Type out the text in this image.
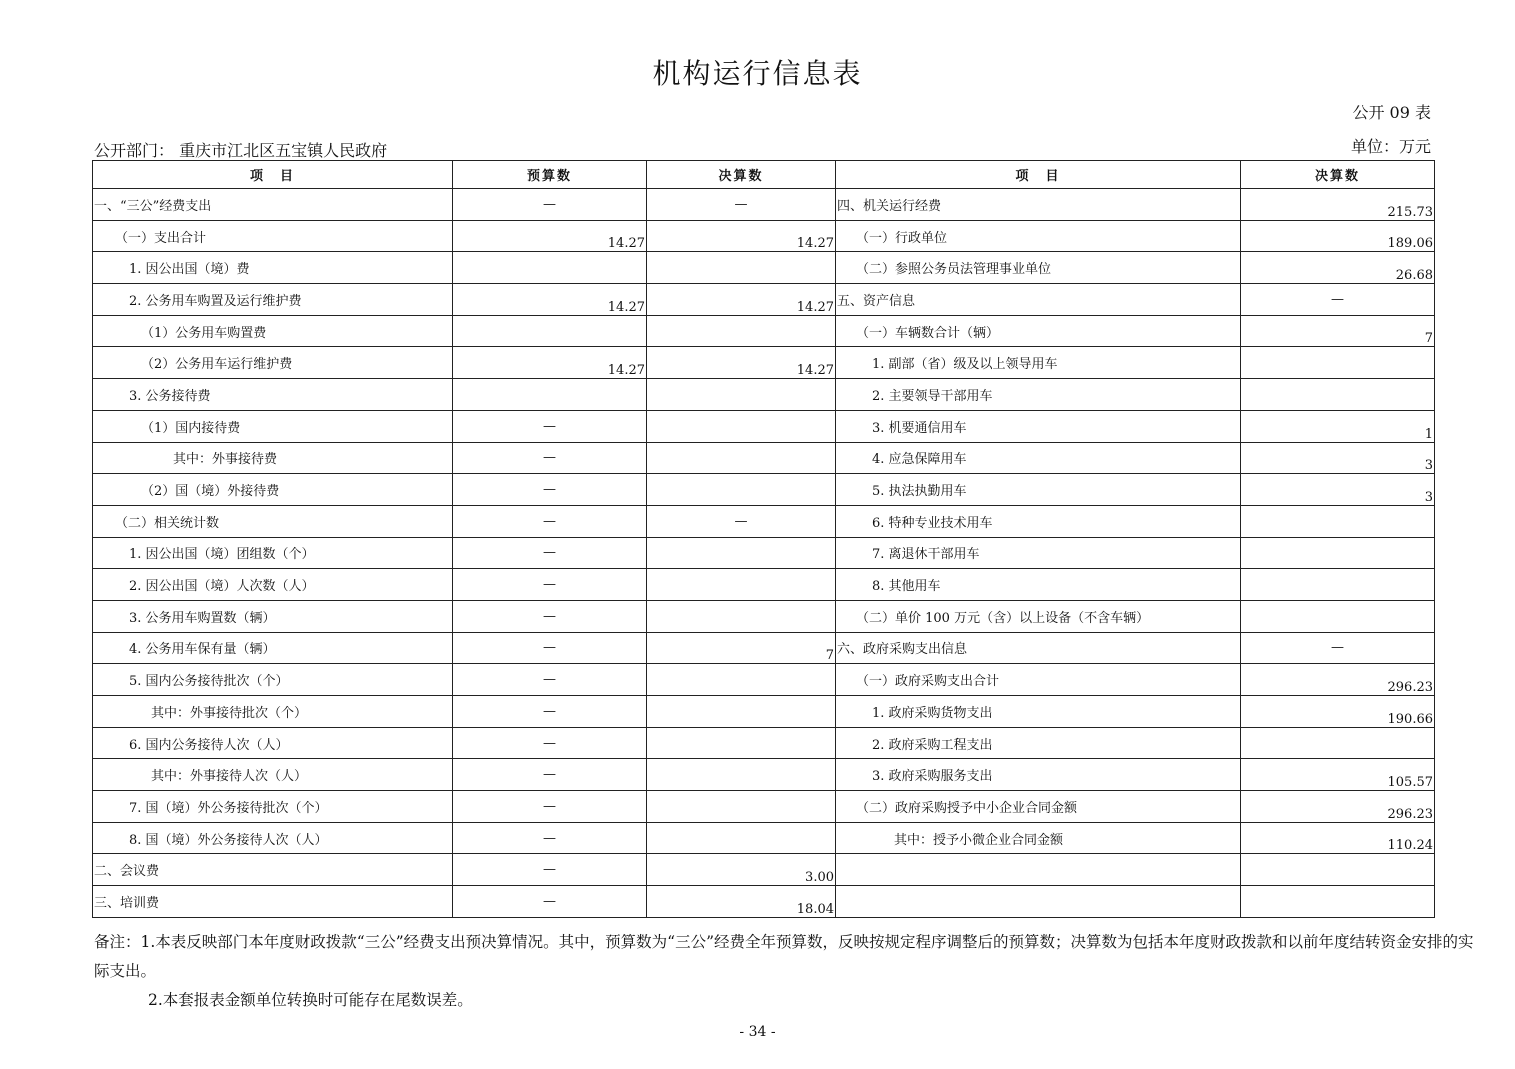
机构运行信息表
公开 09 表
公开部门： 重庆市江北区五宝镇人民政府	单位：万元
项　目	预算数	决算数	项　目	决算数
一、“三公”经费支出	—	—	四、机关运行经费	215.73
（一）支出合计	14.27	14.27	（一）行政单位	189.06
1. 因公出国（境）费			（二）参照公务员法管理事业单位	26.68
2. 公务用车购置及运行维护费	14.27	14.27	五、资产信息	—
（1）公务用车购置费			（一）车辆数合计（辆）	7
（2）公务用车运行维护费	14.27	14.27	1. 副部（省）级及以上领导用车	
3. 公务接待费			2. 主要领导干部用车	
（1）国内接待费	—		3. 机要通信用车	1
其中：外事接待费	—		4. 应急保障用车	3
（2）国（境）外接待费	—		5. 执法执勤用车	3
（二）相关统计数	—	—	6. 特种专业技术用车	
1. 因公出国（境）团组数（个）	—		7. 离退休干部用车	
2. 因公出国（境）人次数（人）	—		8. 其他用车	
3. 公务用车购置数（辆）	—		（二）单价 100 万元（含）以上设备（不含车辆）	
4. 公务用车保有量（辆）	—	7	六、政府采购支出信息	—
5. 国内公务接待批次（个）	—		（一）政府采购支出合计	296.23
其中：外事接待批次（个）	—		1. 政府采购货物支出	190.66
6. 国内公务接待人次（人）	—		2. 政府采购工程支出	
其中：外事接待人次（人）	—		3. 政府采购服务支出	105.57
7. 国（境）外公务接待批次（个）	—		（二）政府采购授予中小企业合同金额	296.23
8. 国（境）外公务接待人次（人）	—		其中：授予小微企业合同金额	110.24
二、会议费	—	3.00		
三、培训费	—	18.04		
备注：1.本表反映部门本年度财政拨款“三公”经费支出预决算情况。其中，预算数为“三公”经费全年预算数，反映按规定程序调整后的预算数；决算数为包括本年度财政拨款和以前年度结转资金安排的实际支出。
2.本套报表金额单位转换时可能存在尾数误差。
- 34 -
